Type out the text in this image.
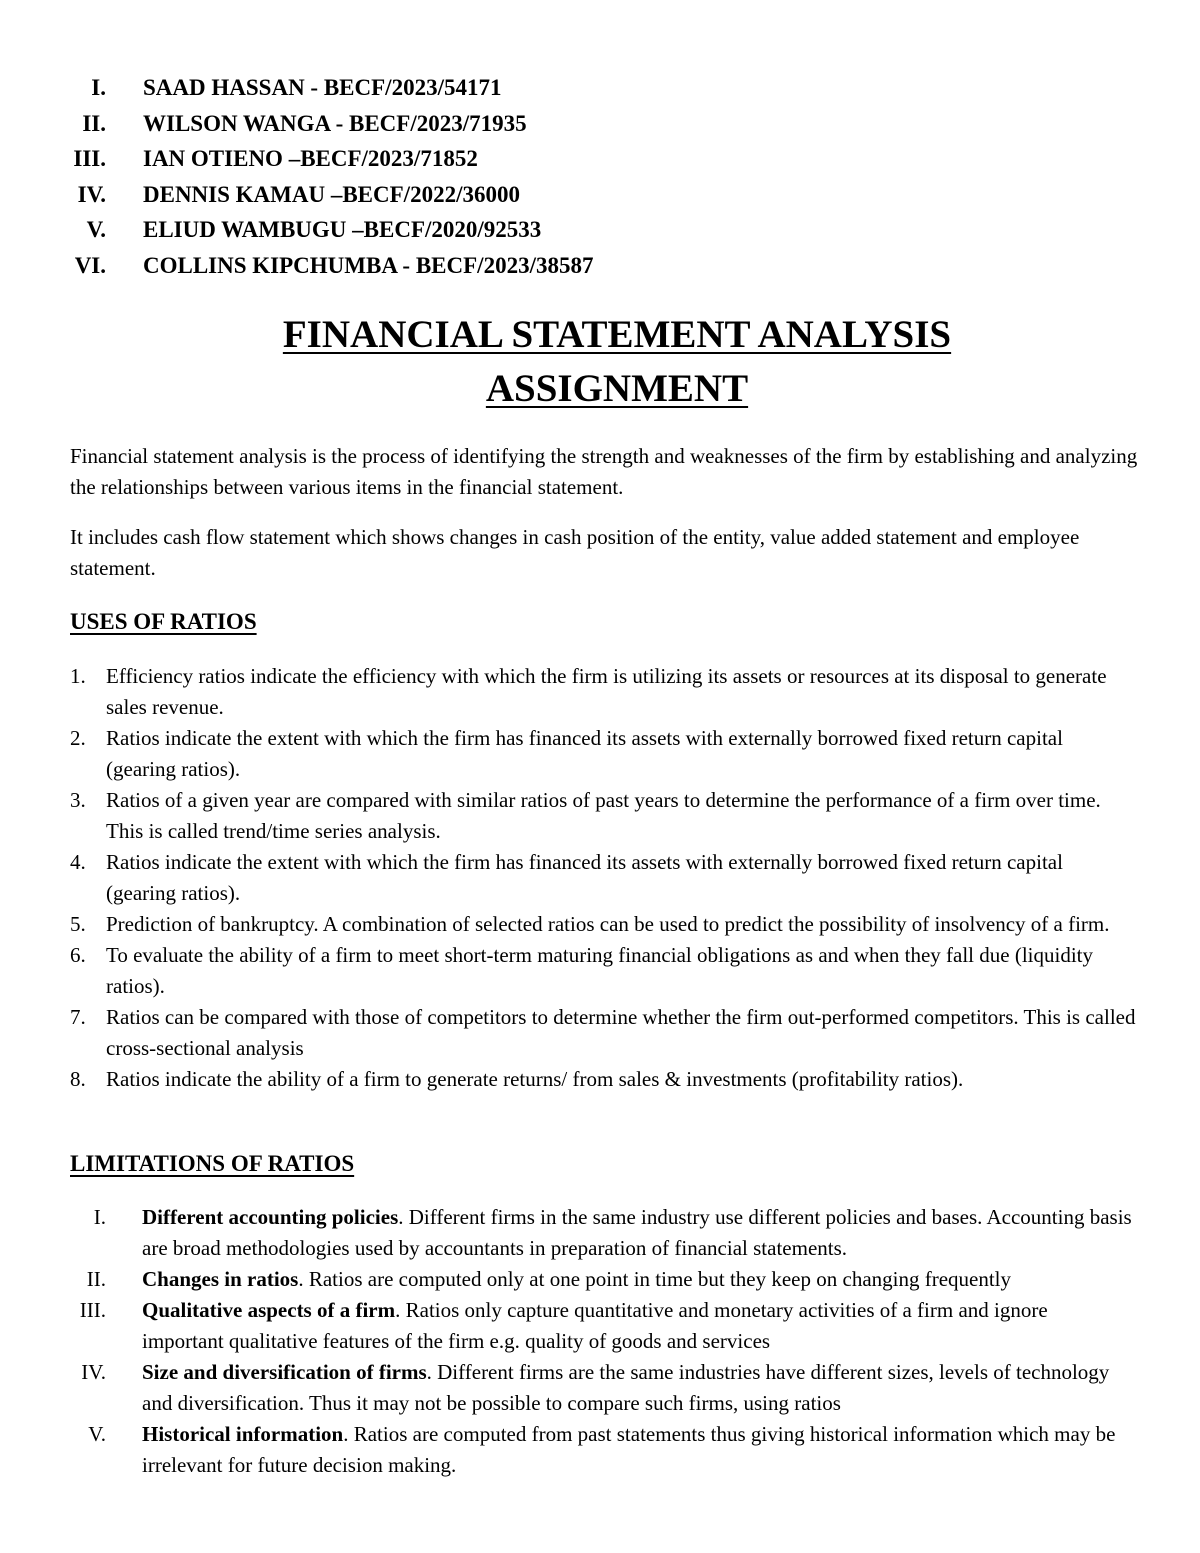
I. SAAD HASSAN - BECF/2023/54171
II. WILSON WANGA - BECF/2023/71935
III. IAN OTIENO –BECF/2023/71852
IV. DENNIS KAMAU –BECF/2022/36000
V. ELIUD WAMBUGU –BECF/2020/92533
VI. COLLINS KIPCHUMBA - BECF/2023/38587
FINANCIAL STATEMENT ANALYSIS
ASSIGNMENT

Financial statement analysis is the process of identifying the strength and weaknesses of the firm by establishing and analyzing the relationships between various items in the financial statement.

It includes cash flow statement which shows changes in cash position of the entity, value added statement and employee statement.

USES OF RATIOS
1. Efficiency ratios indicate the efficiency with which the firm is utilizing its assets or resources at its disposal to generate sales revenue.
2. Ratios indicate the extent with which the firm has financed its assets with externally borrowed fixed return capital (gearing ratios).
3. Ratios of a given year are compared with similar ratios of past years to determine the performance of a firm over time. This is called trend/time series analysis.
4. Ratios indicate the extent with which the firm has financed its assets with externally borrowed fixed return capital (gearing ratios).
5. Prediction of bankruptcy. A combination of selected ratios can be used to predict the possibility of insolvency of a firm.
6. To evaluate the ability of a firm to meet short-term maturing financial obligations as and when they fall due (liquidity ratios).
7. Ratios can be compared with those of competitors to determine whether the firm out-performed competitors. This is called cross-sectional analysis
8. Ratios indicate the ability of a firm to generate returns/ from sales & investments (profitability ratios).
LIMITATIONS OF RATIOS
I. Different accounting policies. Different firms in the same industry use different policies and bases. Accounting basis are broad methodologies used by accountants in preparation of financial statements.
II. Changes in ratios. Ratios are computed only at one point in time but they keep on changing frequently
III. Qualitative aspects of a firm. Ratios only capture quantitative and monetary activities of a firm and ignore important qualitative features of the firm e.g. quality of goods and services
IV. Size and diversification of firms. Different firms are the same industries have different sizes, levels of technology and diversification. Thus it may not be possible to compare such firms, using ratios
V. Historical information. Ratios are computed from past statements thus giving historical information which may be irrelevant for future decision making.
